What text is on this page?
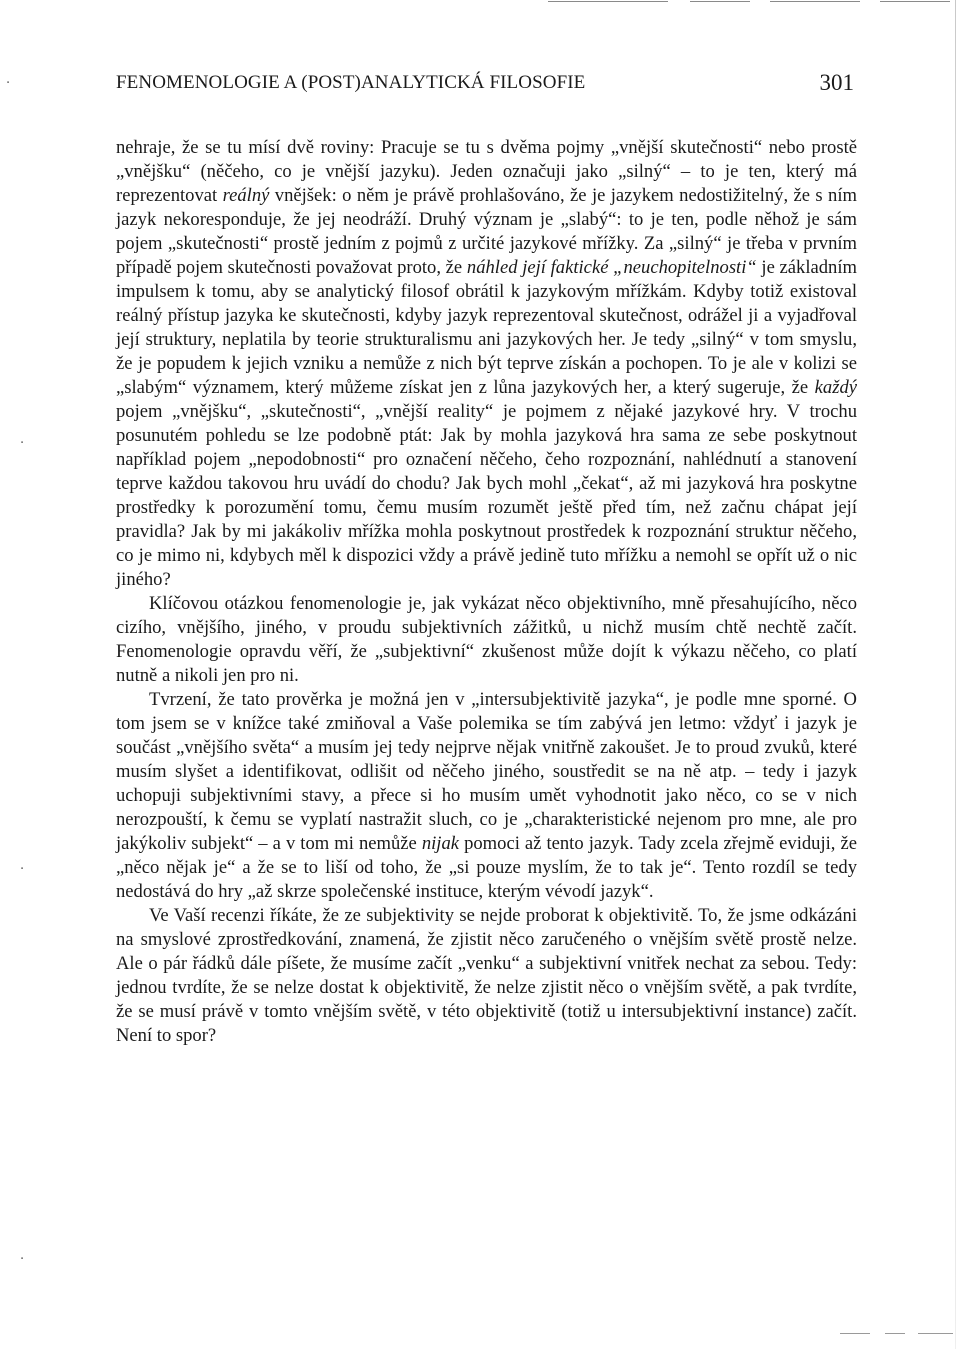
·
·
·
·
FENOMENOLOGIE A (POST)ANALYTICKÁ FILOSOFIE	301

nehraje, že se tu mísí dvě roviny: Pracuje se tu s dvěma pojmy „vnější skutečnosti“ nebo prostě „vnějšku“ (něčeho, co je vnější jazyku). Jeden označuji jako „silný“ – to je ten, který má reprezentovat reálný vnějšek: o něm je právě prohlašováno, že je jazykem nedostižitelný, že s ním jazyk nekoresponduje, že jej neodráží. Druhý význam je „slabý“: to je ten, podle něhož je sám pojem „skutečnosti“ prostě jedním z pojmů z určité jazykové mřížky. Za „silný“ je třeba v prvním případě pojem skutečnosti považovat proto, že náhled její faktické „neuchopitelnosti“ je základním impulsem k tomu, aby se analytický filosof obrátil k jazykovým mřížkám. Kdyby totiž existoval reálný přístup jazyka ke skutečnosti, kdyby jazyk reprezentoval skutečnost, odrážel ji a vyjadřoval její struktury, neplatila by teorie strukturalismu ani jazykových her. Je tedy „silný“ v tom smyslu, že je popudem k jejich vzniku a nemůže z nich být teprve získán a pochopen. To je ale v kolizi se „slabým“ významem, který můžeme získat jen z lůna jazykových her, a který sugeruje, že každý pojem „vnějšku“, „skutečnosti“, „vnější reality“ je pojmem z nějaké jazykové hry. V trochu posunutém pohledu se lze podobně ptát: Jak by mohla jazyková hra sama ze sebe poskytnout například pojem „nepodobnosti“ pro označení něčeho, čeho rozpoznání, nahlédnutí a stanovení teprve každou takovou hru uvádí do chodu? Jak bych mohl „čekat“, až mi jazyková hra poskytne prostředky k porozumění tomu, čemu musím rozumět ještě před tím, než začnu chápat její pravidla? Jak by mi jakákoliv mřížka mohla poskytnout prostředek k rozpoznání struktur něčeho, co je mimo ni, kdybych měl k dispozici vždy a právě jedině tuto mřížku a nemohl se opřít už o nic jiného?

Klíčovou otázkou fenomenologie je, jak vykázat něco objektivního, mně přesahujícího, něco cizího, vnějšího, jiného, v proudu subjektivních zážitků, u nichž musím chtě nechtě začít. Fenomenologie opravdu věří, že „subjektivní“ zkušenost může dojít k výkazu něčeho, co platí nutně a nikoli jen pro ni.

Tvrzení, že tato prověrka je možná jen v „intersubjektivitě jazyka“, je podle mne sporné. O tom jsem se v knížce také zmiňoval a Vaše polemika se tím zabývá jen letmo: vždyť i jazyk je součást „vnějšího světa“ a musím jej tedy nejprve nějak vnitřně zakoušet. Je to proud zvuků, které musím slyšet a identifikovat, odlišit od něčeho jiného, soustředit se na ně atp. – tedy i jazyk uchopuji subjektivními stavy, a přece si ho musím umět vyhodnotit jako něco, co se v nich nerozpouští, k čemu se vyplatí nastražit sluch, co je „charakteristické nejenom pro mne, ale pro jakýkoliv subjekt“ – a v tom mi nemůže nijak pomoci až tento jazyk. Tady zcela zřejmě eviduji, že „něco nějak je“ a že se to liší od toho, že „si pouze myslím, že to tak je“. Tento rozdíl se tedy nedostává do hry „až skrze společenské instituce, kterým vévodí jazyk“.

Ve Vaší recenzi říkáte, že ze subjektivity se nejde proborat k objektivitě. To, že jsme odkázáni na smyslové zprostředkování, znamená, že zjistit něco zaručeného o vnějším světě prostě nelze. Ale o pár řádků dále píšete, že musíme začít „venku“ a subjektivní vnitřek nechat za sebou. Tedy: jednou tvrdíte, že se nelze dostat k objektivitě, že nelze zjistit něco o vnějším světě, a pak tvrdíte, že se musí právě v tomto vnějším světě, v této objektivitě (totiž u intersubjektivní instance) začít. Není to spor?
